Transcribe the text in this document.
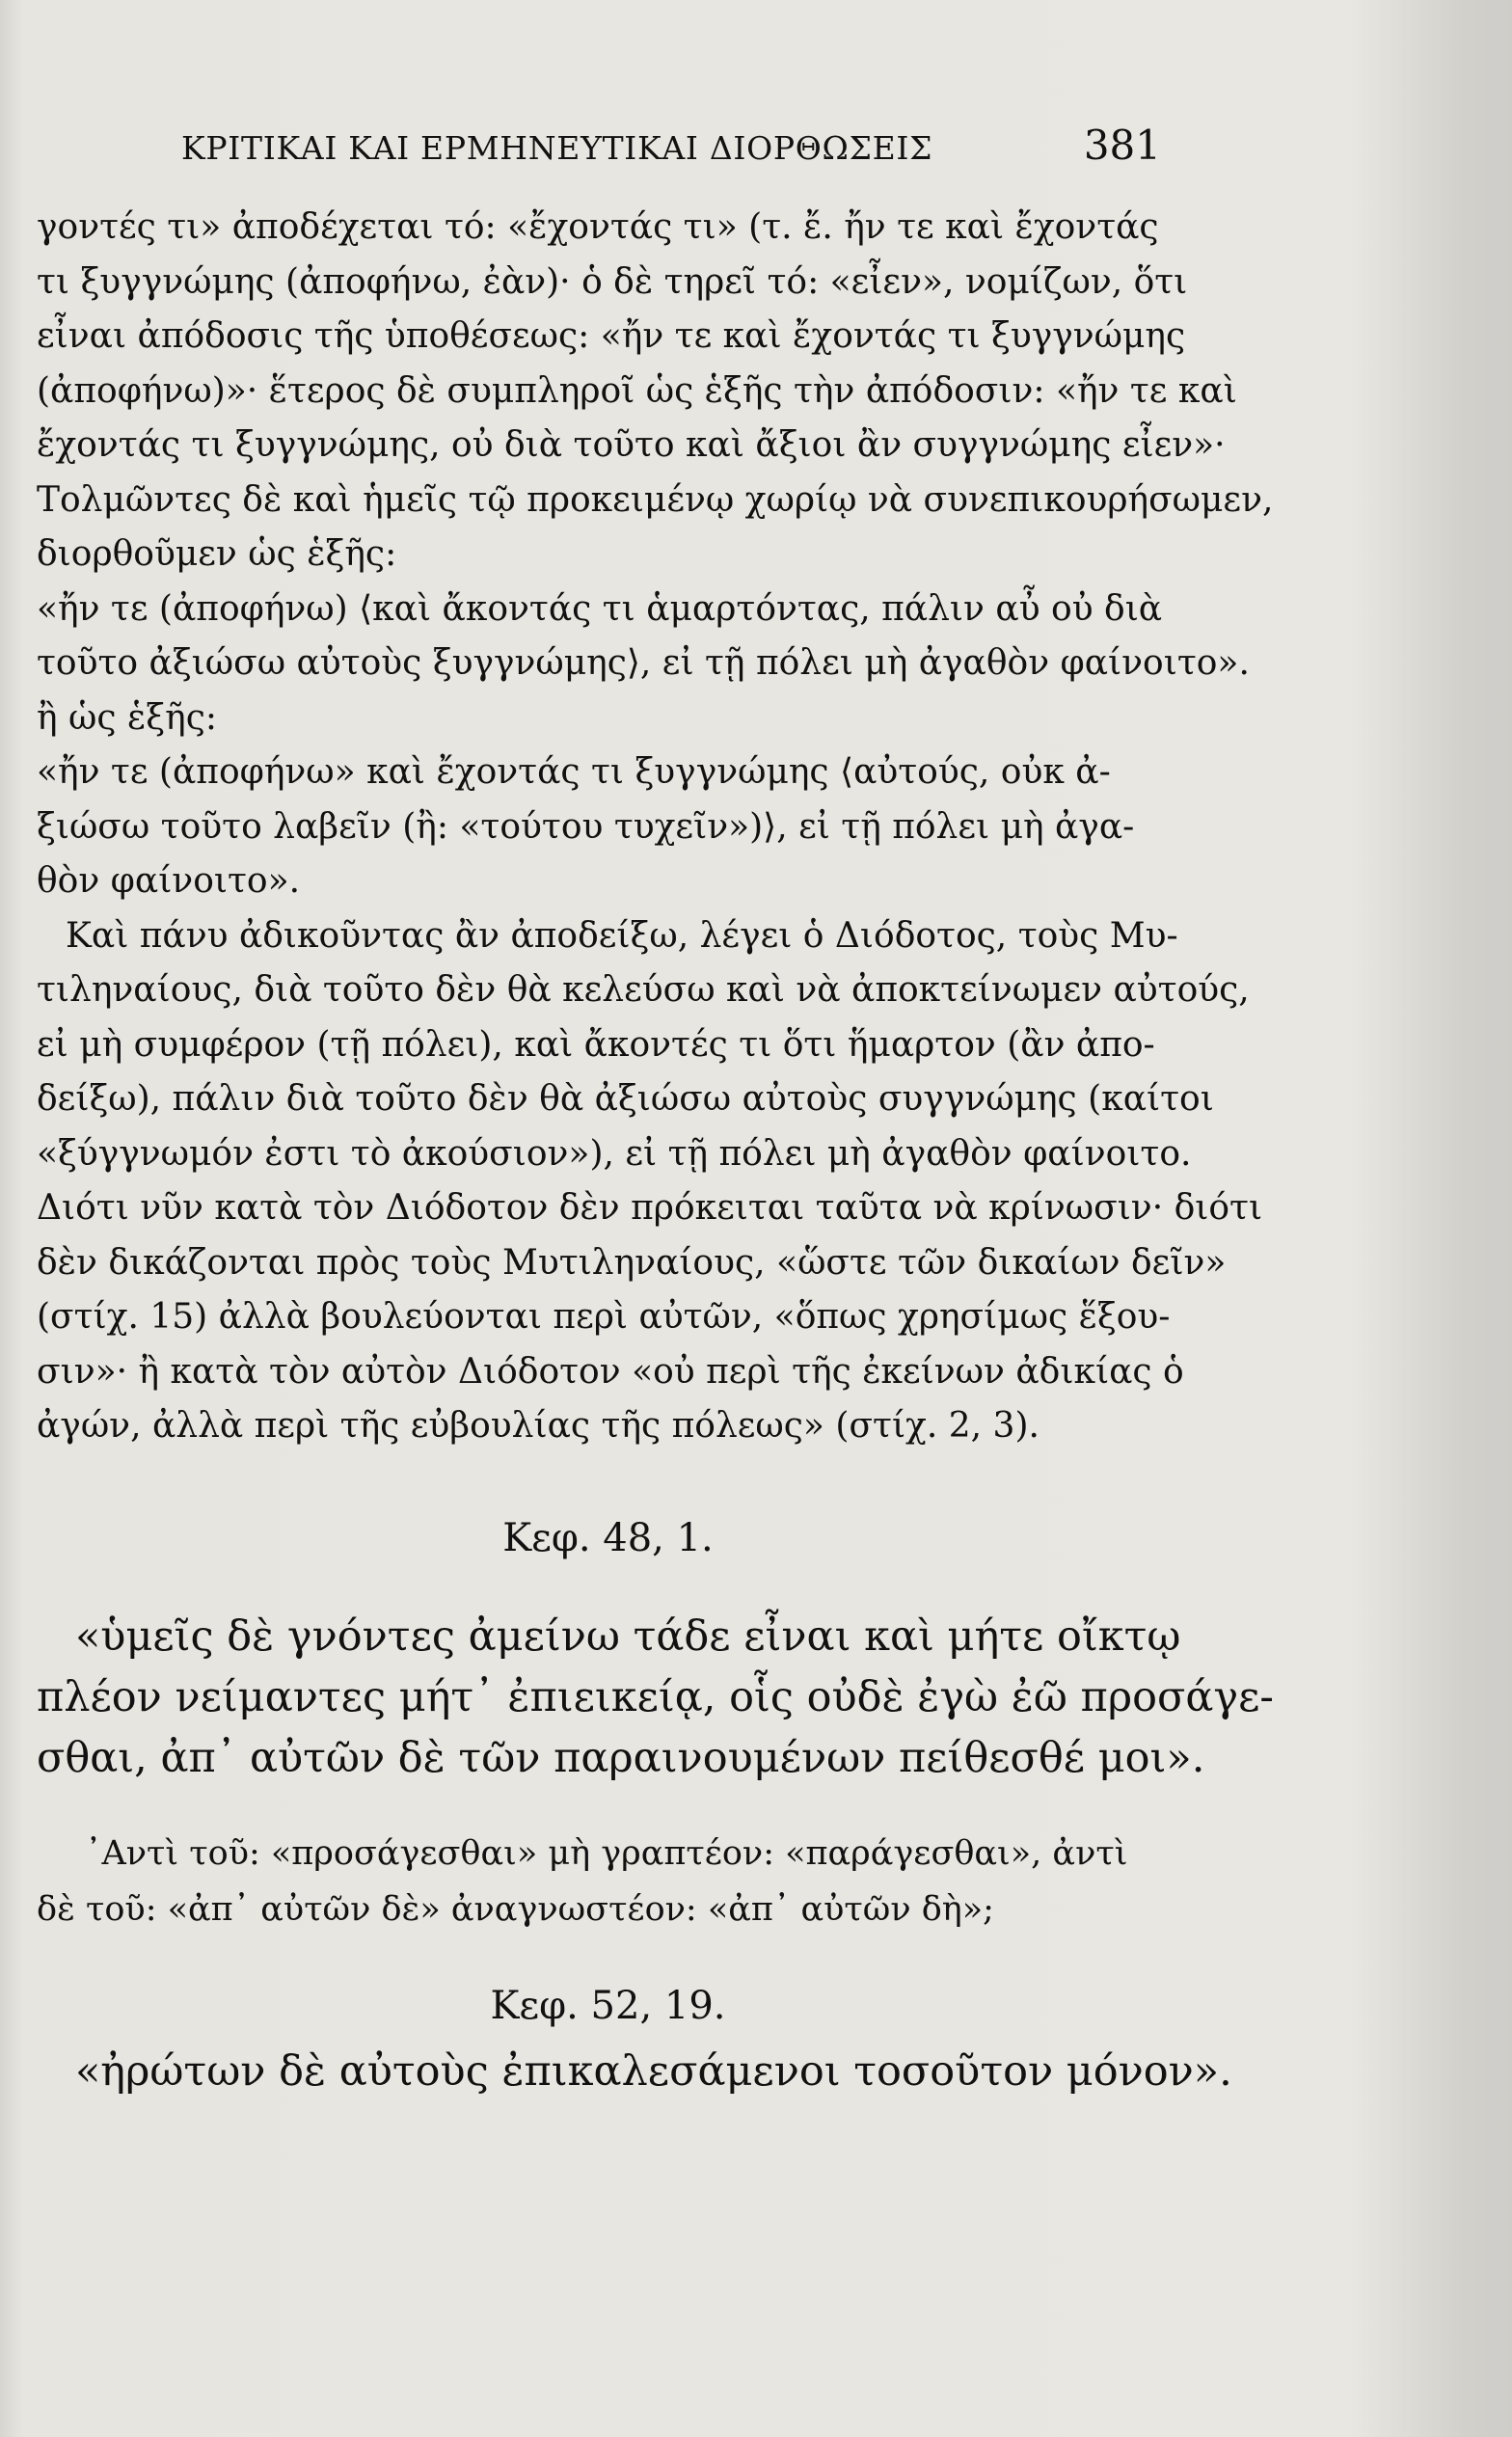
ΚΡΙΤΙΚΑΙ ΚΑΙ ΕΡΜΗΝΕΥΤΙΚΑΙ ΔΙΟΡΘΩΣΕΙΣ	381
γοντές τι» ἀποδέχεται τό: «ἔχοντάς τι» (τ. ἔ. ἤν τε καὶ ἔχοντάς
τι ξυγγνώμης (ἀποφήνω, ἐὰν)· ὁ δὲ τηρεῖ τό: «εἶεν», νομίζων, ὅτι
εἶναι ἀπόδοσις τῆς ὑποθέσεως: «ἤν τε καὶ ἔχοντάς τι ξυγγνώμης
(ἀποφήνω)»· ἕτερος δὲ συμπληροῖ ὡς ἑξῆς τὴν ἀπόδοσιν: «ἤν τε καὶ
ἔχοντάς τι ξυγγνώμης, οὐ διὰ τοῦτο καὶ ἄξιοι ἂν συγγνώμης εἶεν»·
Τολμῶντες δὲ καὶ ἡμεῖς τῷ προκειμένῳ χωρίῳ νὰ συνεπικουρήσωμεν,
διορθοῦμεν ὡς ἑξῆς:
«ἤν τε (ἀποφήνω) ⟨καὶ ἄκοντάς τι ἁμαρτόντας, πάλιν αὖ οὐ διὰ
τοῦτο ἀξιώσω αὐτοὺς ξυγγνώμης⟩, εἰ τῇ πόλει μὴ ἀγαθὸν φαίνοιτο».
ἢ ὡς ἑξῆς:
«ἤν τε (ἀποφήνω» καὶ ἔχοντάς τι ξυγγνώμης ⟨αὐτούς, οὐκ ἀ-
ξιώσω τοῦτο λαβεῖν (ἢ: «τούτου τυχεῖν»)⟩, εἰ τῇ πόλει μὴ ἀγα-
θὸν φαίνοιτο».
Καὶ πάνυ ἀδικοῦντας ἂν ἀποδείξω, λέγει ὁ Διόδοτος, τοὺς Μυ-
τιληναίους, διὰ τοῦτο δὲν θὰ κελεύσω καὶ νὰ ἀποκτείνωμεν αὐτούς,
εἰ μὴ συμφέρον (τῇ πόλει), καὶ ἄκοντές τι ὅτι ἥμαρτον (ἂν ἀπο-
δείξω), πάλιν διὰ τοῦτο δὲν θὰ ἀξιώσω αὐτοὺς συγγνώμης (καίτοι
«ξύγγνωμόν ἐστι τὸ ἀκούσιον»), εἰ τῇ πόλει μὴ ἀγαθὸν φαίνοιτο.
Διότι νῦν κατὰ τὸν Διόδοτον δὲν πρόκειται ταῦτα νὰ κρίνωσιν· διότι
δὲν δικάζονται πρὸς τοὺς Μυτιληναίους, «ὥστε τῶν δικαίων δεῖν»
(στίχ. 15) ἀλλὰ βουλεύονται περὶ αὐτῶν, «ὅπως χρησίμως ἕξου-
σιν»· ἢ κατὰ τὸν αὐτὸν Διόδοτον «οὐ περὶ τῆς ἐκείνων ἀδικίας ὁ
ἀγών, ἀλλὰ περὶ τῆς εὐβουλίας τῆς πόλεως» (στίχ. 2, 3).
Κεφ. 48, 1.
«ὑμεῖς δὲ γνόντες ἀμείνω τάδε εἶναι καὶ μήτε οἴκτῳ
πλέον νείμαντες μήτ᾽ ἐπιεικείᾳ, οἷς οὐδὲ ἐγὼ ἐῶ προσάγε-
σθαι, ἀπ᾽ αὐτῶν δὲ τῶν παραινουμένων πείθεσθέ μοι».
᾽Αντὶ τοῦ: «προσάγεσθαι» μὴ γραπτέον: «παράγεσθαι», ἀντὶ
δὲ τοῦ: «ἀπ᾽ αὐτῶν δὲ» ἀναγνωστέον: «ἀπ᾽ αὐτῶν δὴ»;
Κεφ. 52, 19.
«ἠρώτων δὲ αὐτοὺς ἐπικαλεσάμενοι τοσοῦτον μόνον».
